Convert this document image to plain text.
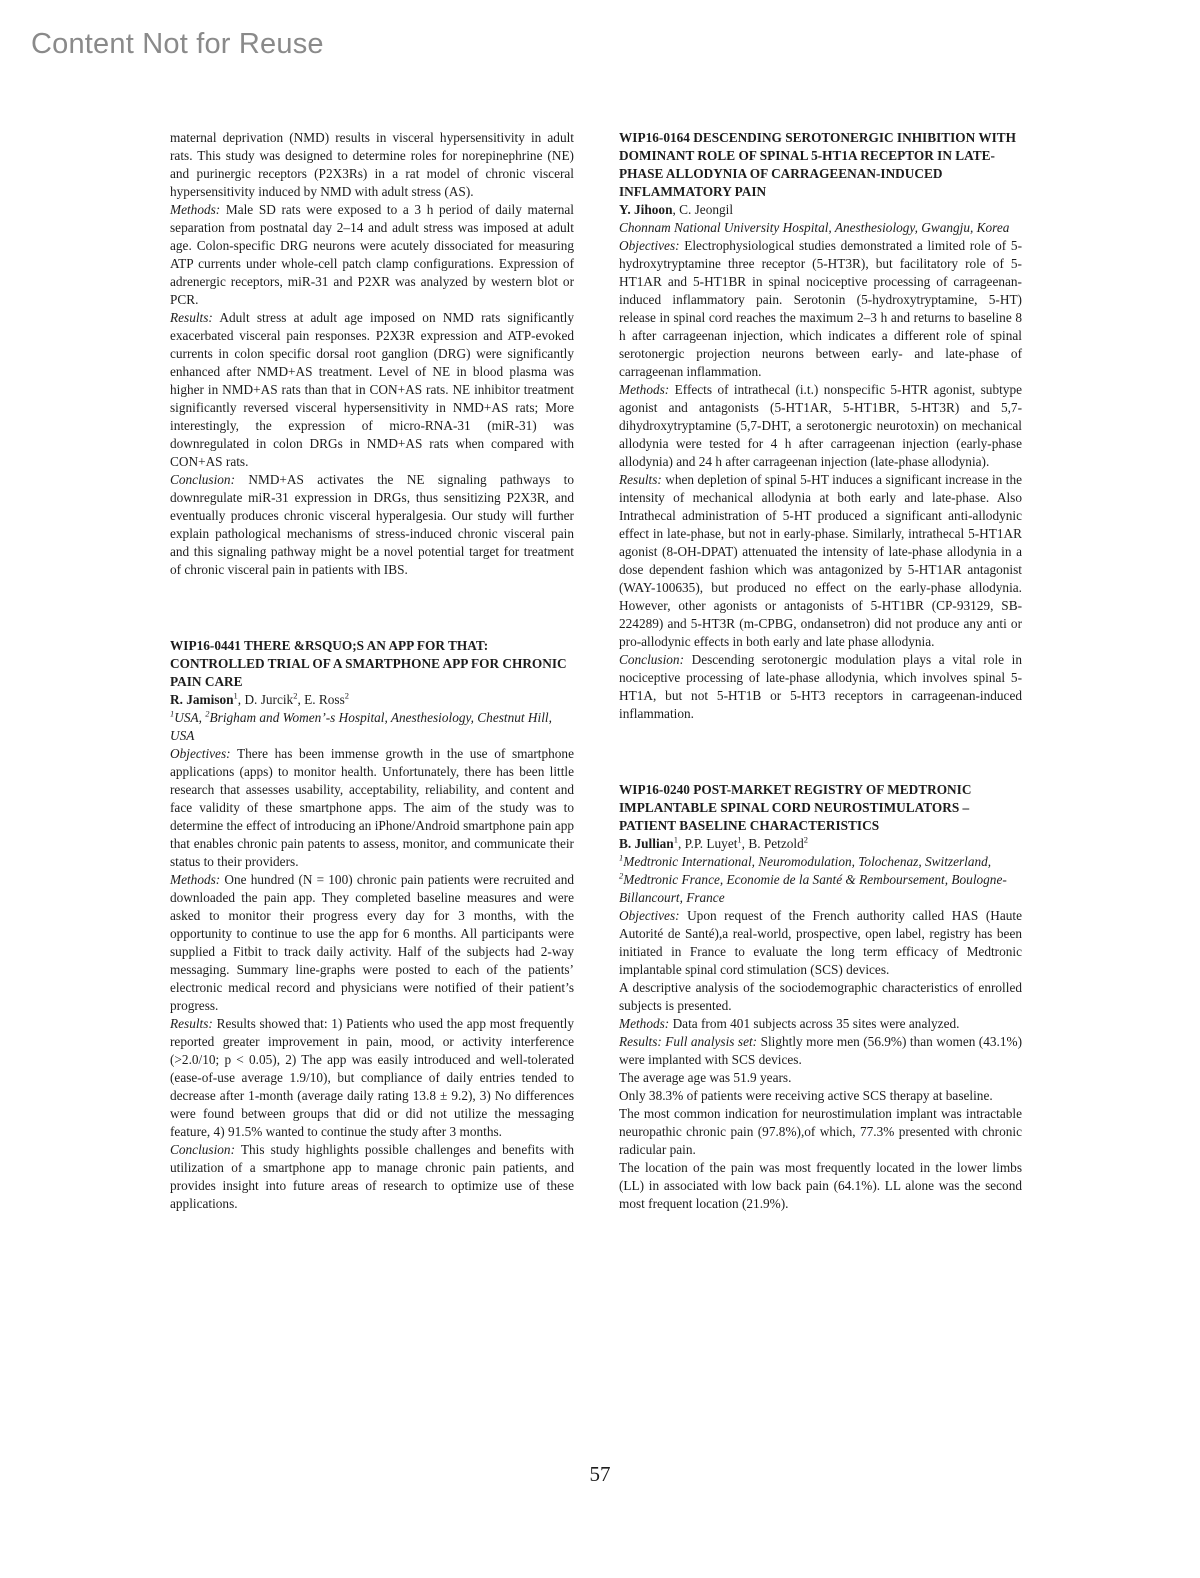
Content Not for Reuse

maternal deprivation (NMD) results in visceral hypersensitivity in adult rats. This study was designed to determine roles for norepinephrine (NE) and purinergic receptors (P2X3Rs) in a rat model of chronic visceral hypersensitivity induced by NMD with adult stress (AS).

Methods: Male SD rats were exposed to a 3 h period of daily maternal separation from postnatal day 2–14 and adult stress was imposed at adult age. Colon-specific DRG neurons were acutely dissociated for measuring ATP currents under whole-cell patch clamp configurations. Expression of adrenergic receptors, miR-31 and P2XR was analyzed by western blot or PCR.

Results: Adult stress at adult age imposed on NMD rats significantly exacerbated visceral pain responses. P2X3R expression and ATP-evoked currents in colon specific dorsal root ganglion (DRG) were significantly enhanced after NMD+AS treatment. Level of NE in blood plasma was higher in NMD+AS rats than that in CON+AS rats. NE inhibitor treatment significantly reversed visceral hypersensitivity in NMD+AS rats; More interestingly, the expression of micro-RNA-31 (miR-31) was downregulated in colon DRGs in NMD+AS rats when compared with CON+AS rats.

Conclusion: NMD+AS activates the NE signaling pathways to downregulate miR-31 expression in DRGs, thus sensitizing P2X3R, and eventually produces chronic visceral hyperalgesia. Our study will further explain pathological mechanisms of stress-induced chronic visceral pain and this signaling pathway might be a novel potential target for treatment of chronic visceral pain in patients with IBS.

WIP16-0441 THERE &RSQUO;S AN APP FOR THAT: CONTROLLED TRIAL OF A SMARTPHONE APP FOR CHRONIC PAIN CARE

R. Jamison$^1$, D. Jurcik$^2$, E. Ross$^2$

$^1$USA, $^2$Brigham and Women’-s Hospital, Anesthesiology, Chestnut Hill, USA

Objectives: There has been immense growth in the use of smartphone applications (apps) to monitor health. Unfortunately, there has been little research that assesses usability, acceptability, reliability, and content and face validity of these smartphone apps. The aim of the study was to determine the effect of introducing an iPhone/Android smartphone pain app that enables chronic pain patents to assess, monitor, and communicate their status to their providers.

Methods: One hundred (N = 100) chronic pain patients were recruited and downloaded the pain app. They completed baseline measures and were asked to monitor their progress every day for 3 months, with the opportunity to continue to use the app for 6 months. All participants were supplied a Fitbit to track daily activity. Half of the subjects had 2-way messaging. Summary line-graphs were posted to each of the patients’ electronic medical record and physicians were notified of their patient’s progress.

Results: Results showed that: 1) Patients who used the app most frequently reported greater improvement in pain, mood, or activity interference (>2.0/10; p < 0.05), 2) The app was easily introduced and well-tolerated (ease-of-use average 1.9/10), but compliance of daily entries tended to decrease after 1-month (average daily rating 13.8 ± 9.2), 3) No differences were found between groups that did or did not utilize the messaging feature, 4) 91.5% wanted to continue the study after 3 months.

Conclusion: This study highlights possible challenges and benefits with utilization of a smartphone app to manage chronic pain patients, and provides insight into future areas of research to optimize use of these applications.

WIP16-0164 DESCENDING SEROTONERGIC INHIBITION WITH DOMINANT ROLE OF SPINAL 5-HT1A RECEPTOR IN LATE-PHASE ALLODYNIA OF CARRAGEENAN-INDUCED INFLAMMATORY PAIN

Y. Jihoon, C. Jeongil

Chonnam National University Hospital, Anesthesiology, Gwangju, Korea

Objectives: Electrophysiological studies demonstrated a limited role of 5-hydroxytryptamine three receptor (5-HT3R), but facilitatory role of 5-HT1AR and 5-HT1BR in spinal nociceptive processing of carrageenan-induced inflammatory pain. Serotonin (5-hydroxytryptamine, 5-HT) release in spinal cord reaches the maximum 2–3 h and returns to baseline 8 h after carrageenan injection, which indicates a different role of spinal serotonergic projection neurons between early- and late-phase of carrageenan inflammation.

Methods: Effects of intrathecal (i.t.) nonspecific 5-HTR agonist, subtype agonist and antagonists (5-HT1AR, 5-HT1BR, 5-HT3R) and 5,7-dihydroxytryptamine (5,7-DHT, a serotonergic neurotoxin) on mechanical allodynia were tested for 4 h after carrageenan injection (early-phase allodynia) and 24 h after carrageenan injection (late-phase allodynia).

Results: when depletion of spinal 5-HT induces a significant increase in the intensity of mechanical allodynia at both early and late-phase. Also Intrathecal administration of 5-HT produced a significant anti-allodynic effect in late-phase, but not in early-phase. Similarly, intrathecal 5-HT1AR agonist (8-OH-DPAT) attenuated the intensity of late-phase allodynia in a dose dependent fashion which was antagonized by 5-HT1AR antagonist (WAY-100635), but produced no effect on the early-phase allodynia. However, other agonists or antagonists of 5-HT1BR (CP-93129, SB-224289) and 5-HT3R (m-CPBG, ondansetron) did not produce any anti or pro-allodynic effects in both early and late phase allodynia.

Conclusion: Descending serotonergic modulation plays a vital role in nociceptive processing of late-phase allodynia, which involves spinal 5-HT1A, but not 5-HT1B or 5-HT3 receptors in carrageenan-induced inflammation.

WIP16-0240 POST-MARKET REGISTRY OF MEDTRONIC IMPLANTABLE SPINAL CORD NEUROSTIMULATORS – PATIENT BASELINE CHARACTERISTICS

B. Jullian$^1$, P.P. Luyet$^1$, B. Petzold$^2$

$^1$Medtronic International, Neuromodulation, Tolochenaz, Switzerland, $^2$Medtronic France, Economie de la Santé & Remboursement, Boulogne-Billancourt, France

Objectives: Upon request of the French authority called HAS (Haute Autorité de Santé),a real-world, prospective, open label, registry has been initiated in France to evaluate the long term efficacy of Medtronic implantable spinal cord stimulation (SCS) devices.

A descriptive analysis of the sociodemographic characteristics of enrolled subjects is presented.

Methods: Data from 401 subjects across 35 sites were analyzed.

Results: Full analysis set: Slightly more men (56.9%) than women (43.1%) were implanted with SCS devices.

The average age was 51.9 years.

Only 38.3% of patients were receiving active SCS therapy at baseline.

The most common indication for neurostimulation implant was intractable neuropathic chronic pain (97.8%),of which, 77.3% presented with chronic radicular pain.

The location of the pain was most frequently located in the lower limbs (LL) in associated with low back pain (64.1%). LL alone was the second most frequent location (21.9%).

57
